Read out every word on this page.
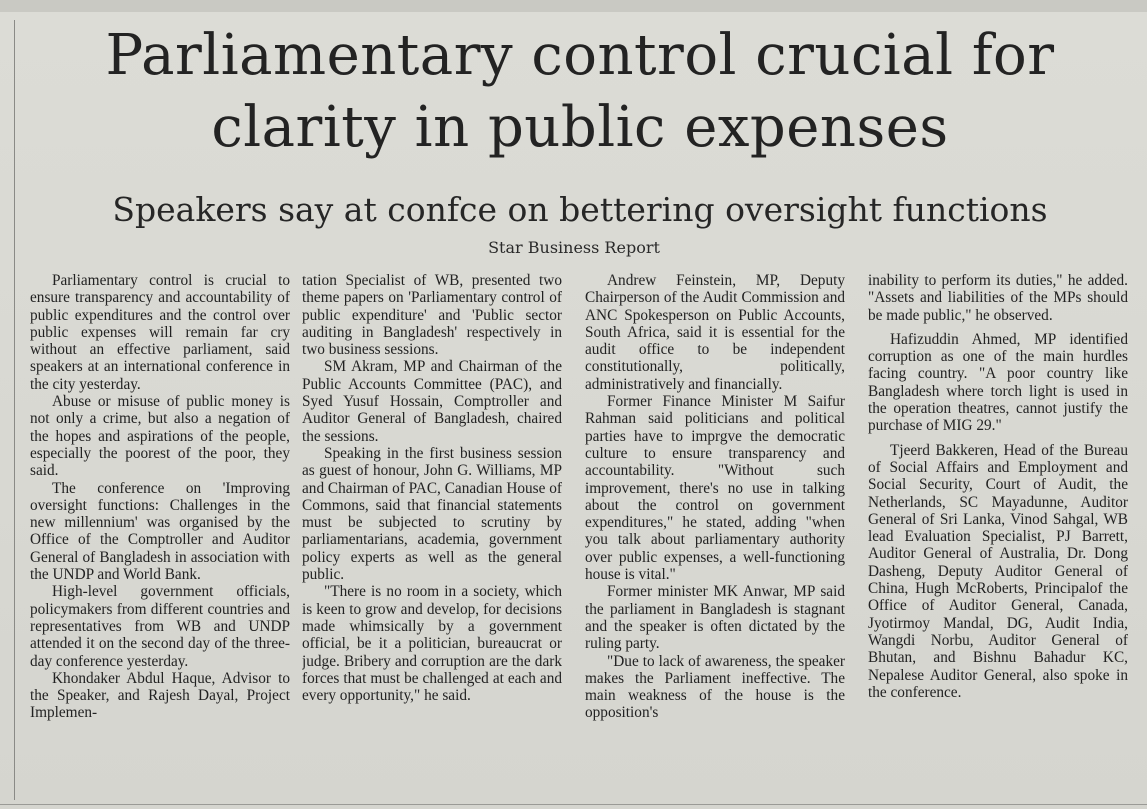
Parliamentary control crucial for clarity in public expenses
Speakers say at confce on bettering oversight functions
Star Business Report

Parliamentary control is crucial to ensure transparency and accountability of public expenditures and the control over public expenses will remain far cry without an effective parliament, said speakers at an international conference in the city yesterday.

Abuse or misuse of public money is not only a crime, but also a negation of the hopes and aspirations of the people, especially the poorest of the poor, they said.

The conference on 'Improving oversight functions: Challenges in the new millennium' was organised by the Office of the Comptroller and Auditor General of Bangladesh in association with the UNDP and World Bank.

High-level government officials, policymakers from different countries and representatives from WB and UNDP attended it on the second day of the three-day conference yesterday.

Khondaker Abdul Haque, Advisor to the Speaker, and Rajesh Dayal, Project Implemen-

tation Specialist of WB, presented two theme papers on 'Parliamentary control of public expenditure' and 'Public sector auditing in Bangladesh' respectively in two business sessions.

SM Akram, MP and Chairman of the Public Accounts Committee (PAC), and Syed Yusuf Hossain, Comptroller and Auditor General of Bangladesh, chaired the sessions.

Speaking in the first business session as guest of honour, John G. Williams, MP and Chairman of PAC, Canadian House of Commons, said that financial statements must be subjected to scrutiny by parliamentarians, academia, government policy experts as well as the general public.

"There is no room in a society, which is keen to grow and develop, for decisions made whimsically by a government official, be it a politician, bureaucrat or judge. Bribery and corruption are the dark forces that must be challenged at each and every opportunity," he said.

Andrew Feinstein, MP, Deputy Chairperson of the Audit Commission and ANC Spokesperson on Public Accounts, South Africa, said it is essential for the audit office to be independent constitutionally, politically, administratively and financially.

Former Finance Minister M Saifur Rahman said politicians and political parties have to imprgve the democratic culture to ensure transparency and accountability. "Without such improvement, there's no use in talking about the control on government expenditures," he stated, adding "when you talk about parliamentary authority over public expenses, a well-functioning house is vital."

Former minister MK Anwar, MP said the parliament in Bangladesh is stagnant and the speaker is often dictated by the ruling party.

"Due to lack of awareness, the speaker makes the Parliament ineffective. The main weakness of the house is the opposition's

inability to perform its duties," he added. "Assets and liabilities of the MPs should be made public," he observed.

Hafizuddin Ahmed, MP identified corruption as one of the main hurdles facing country. "A poor country like Bangladesh where torch light is used in the operation theatres, cannot justify the purchase of MIG 29."

Tjeerd Bakkeren, Head of the Bureau of Social Affairs and Employment and Social Security, Court of Audit, the Netherlands, SC Mayadunne, Auditor General of Sri Lanka, Vinod Sahgal, WB lead Evaluation Specialist, PJ Barrett, Auditor General of Australia, Dr. Dong Dasheng, Deputy Auditor General of China, Hugh McRoberts, Principalof the Office of Auditor General, Canada, Jyotirmoy Mandal, DG, Audit India, Wangdi Norbu, Auditor General of Bhutan, and Bishnu Bahadur KC, Nepalese Auditor General, also spoke in the conference.
